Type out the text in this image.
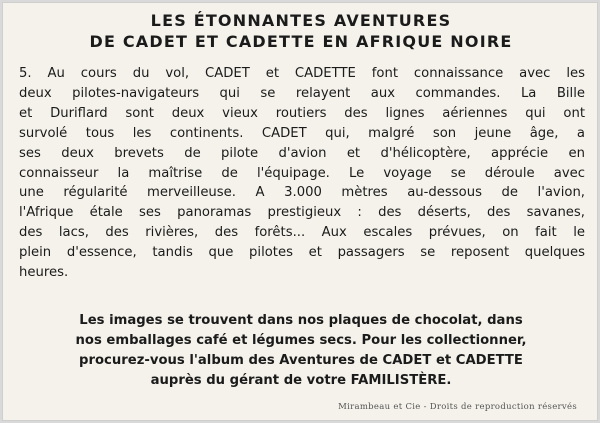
LES ÉTONNANTES AVENTURES
DE CADET ET CADETTE EN AFRIQUE NOIRE
5. Au cours du vol, CADET et CADETTE font connaissance avec les
deux pilotes-navigateurs qui se relayent aux commandes. La Bille
et Duriflard sont deux vieux routiers des lignes aériennes qui ont
survolé tous les continents. CADET qui, malgré son jeune âge, a
ses deux brevets de pilote d'avion et d'hélicoptère, apprécie en
connaisseur la maîtrise de l'équipage. Le voyage se déroule avec
une régularité merveilleuse. A 3.000 mètres au-dessous de l'avion,
l'Afrique étale ses panoramas prestigieux : des déserts, des savanes,
des lacs, des rivières, des forêts... Aux escales prévues, on fait le
plein d'essence, tandis que pilotes et passagers se reposent quelques
heures.
Les images se trouvent dans nos plaques de chocolat, dans
nos emballages café et légumes secs. Pour les collectionner,
procurez-vous l'album des Aventures de CADET et CADETTE
auprès du gérant de votre FAMILISTÈRE.
Mirambeau et Cie - Droits de reproduction réservés
